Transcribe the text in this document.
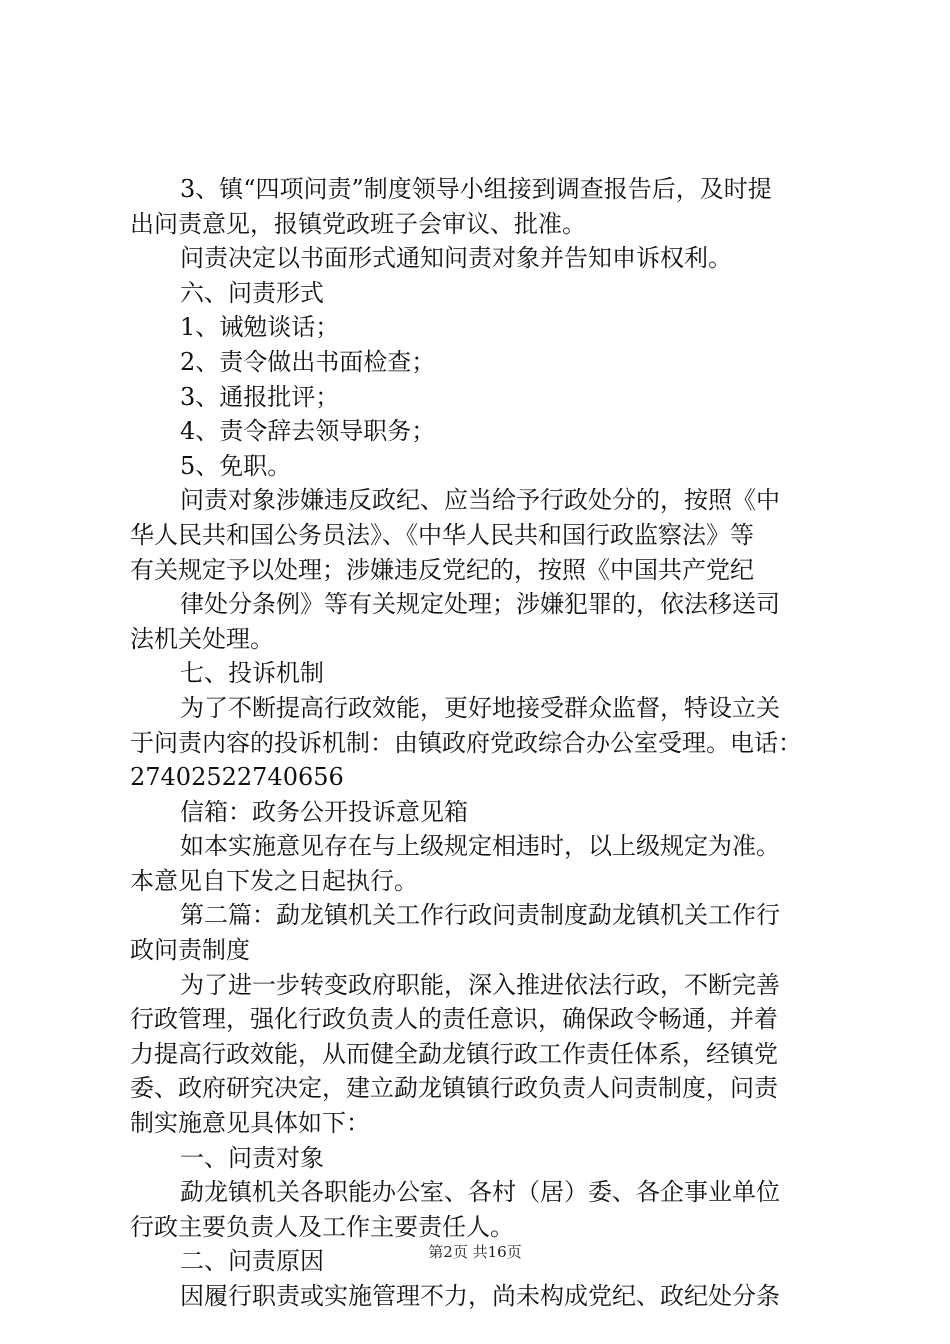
3、镇“四项问责”制度领导小组接到调查报告后，及时提
出问责意见，报镇党政班子会审议、批准。
问责决定以书面形式通知问责对象并告知申诉权利。
六、问责形式
1、诫勉谈话；
2、责令做出书面检查；
3、通报批评；
4、责令辞去领导职务；
5、免职。
问责对象涉嫌违反政纪、应当给予行政处分的，按照《中
华人民共和国公务员法》、《中华人民共和国行政监察法》等
有关规定予以处理；涉嫌违反党纪的，按照《中国共产党纪
律处分条例》等有关规定处理；涉嫌犯罪的，依法移送司
法机关处理。
七、投诉机制
为了不断提高行政效能，更好地接受群众监督，特设立关
于问责内容的投诉机制：由镇政府党政综合办公室受理。电话：
27402522740656
信箱：政务公开投诉意见箱
如本实施意见存在与上级规定相违时，以上级规定为准。
本意见自下发之日起执行。
第二篇：勐龙镇机关工作行政问责制度勐龙镇机关工作行
政问责制度
为了进一步转变政府职能，深入推进依法行政，不断完善
行政管理，强化行政负责人的责任意识，确保政令畅通，并着
力提高行政效能，从而健全勐龙镇行政工作责任体系，经镇党
委、政府研究决定，建立勐龙镇镇行政负责人问责制度，问责
制实施意见具体如下：
一、问责对象
勐龙镇机关各职能办公室、各村（居）委、各企事业单位
行政主要负责人及工作主要责任人。
二、问责原因
因履行职责或实施管理不力，尚未构成党纪、政纪处分条
第2页 共16页
